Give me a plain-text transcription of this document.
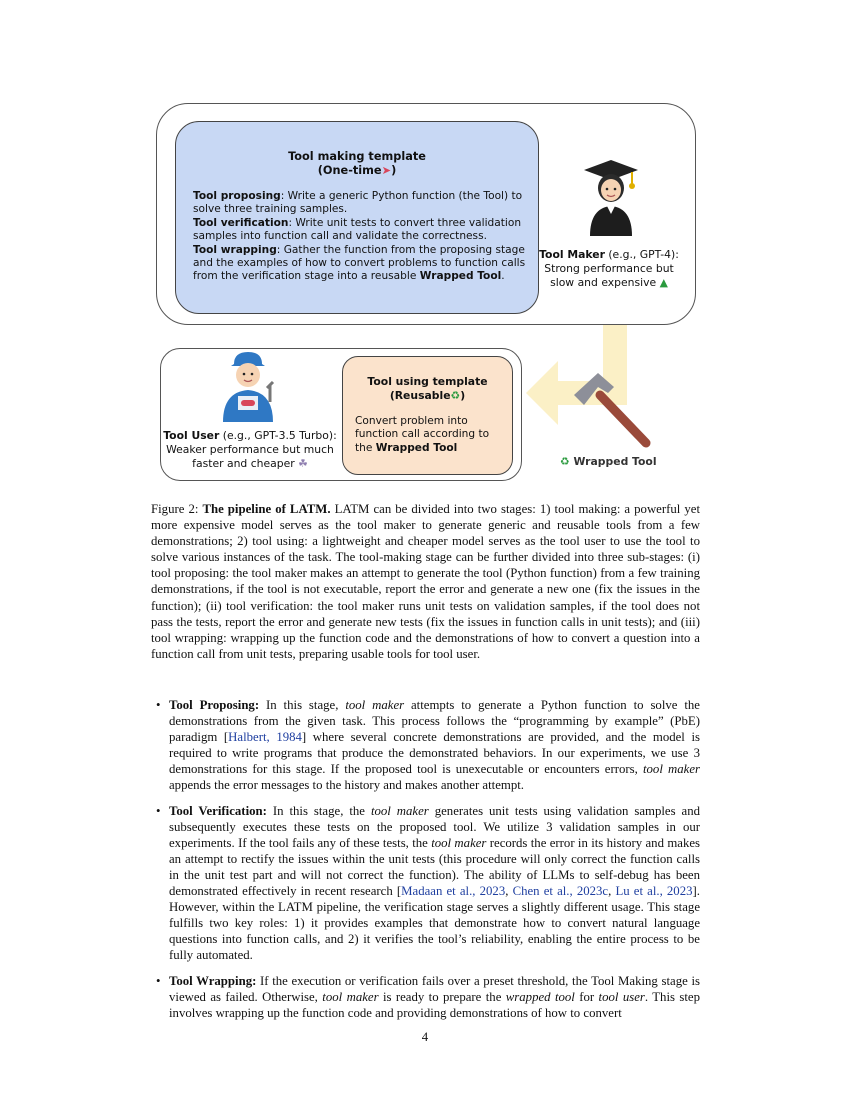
Tool making template
(One-time➤)
Tool proposing: Write a generic Python function (the Tool) to solve three training samples.
Tool verification: Write unit tests to convert three validation samples into function call and validate the correctness.
Tool wrapping: Gather the function from the proposing stage and the examples of how to convert problems to function calls from the verification stage into a reusable Wrapped Tool.
Tool Maker (e.g., GPT-4):
Strong performance but
slow and expensive ▲
♻ Wrapped Tool
Tool User (e.g., GPT-3.5 Turbo):
Weaker performance but much
faster and cheaper ☘
Tool using template
(Reusable♻)
Convert problem into function call according to the Wrapped Tool
Figure 2: The pipeline of LATM. LATM can be divided into two stages: 1) tool making: a powerful yet more expensive model serves as the tool maker to generate generic and reusable tools from a few demonstrations; 2) tool using: a lightweight and cheaper model serves as the tool user to use the tool to solve various instances of the task. The tool-making stage can be further divided into three sub-stages: (i) tool proposing: the tool maker makes an attempt to generate the tool (Python function) from a few training demonstrations, if the tool is not executable, report the error and generate a new one (fix the issues in the function); (ii) tool verification: the tool maker runs unit tests on validation samples, if the tool does not pass the tests, report the error and generate new tests (fix the issues in function calls in unit tests); and (iii) tool wrapping: wrapping up the function code and the demonstrations of how to convert a question into a function call from unit tests, preparing usable tools for tool user.
• Tool Proposing: In this stage, tool maker attempts to generate a Python function to solve the demonstrations from the given task. This process follows the “programming by example” (PbE) paradigm [Halbert, 1984] where several concrete demonstrations are provided, and the model is required to write programs that produce the demonstrated behaviors. In our experiments, we use 3 demonstrations for this stage. If the proposed tool is unexecutable or encounters errors, tool maker appends the error messages to the history and makes another attempt.
• Tool Verification: In this stage, the tool maker generates unit tests using validation samples and subsequently executes these tests on the proposed tool. We utilize 3 validation samples in our experiments. If the tool fails any of these tests, the tool maker records the error in its history and makes an attempt to rectify the issues within the unit tests (this procedure will only correct the function calls in the unit test part and will not correct the function). The ability of LLMs to self-debug has been demonstrated effectively in recent research [Madaan et al., 2023, Chen et al., 2023c, Lu et al., 2023]. However, within the LATM pipeline, the verification stage serves a slightly different usage. This stage fulfills two key roles: 1) it provides examples that demonstrate how to convert natural language questions into function calls, and 2) it verifies the tool’s reliability, enabling the entire process to be fully automated.
• Tool Wrapping: If the execution or verification fails over a preset threshold, the Tool Making stage is viewed as failed. Otherwise, tool maker is ready to prepare the wrapped tool for tool user. This step involves wrapping up the function code and providing demonstrations of how to convert
4
